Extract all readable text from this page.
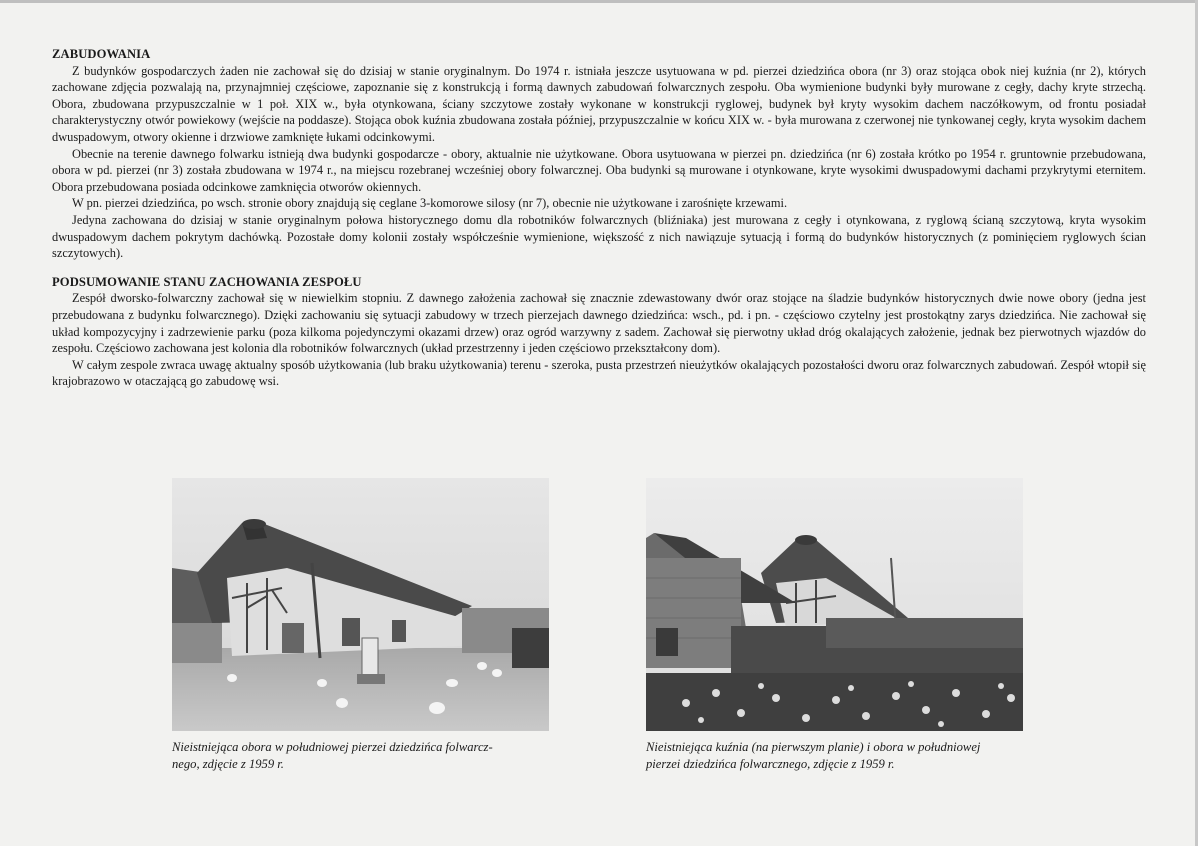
ZABUDOWANIA

Z budynków gospodarczych żaden nie zachował się do dzisiaj w stanie oryginalnym. Do 1974 r. istniała jeszcze usytuowana w pd. pierzei dziedzińca obora (nr 3) oraz stojąca obok niej kuźnia (nr 2), których zachowane zdjęcia pozwalają na, przynajmniej częściowe, zapoznanie się z konstrukcją i formą dawnych zabudowań folwarcznych zespołu. Oba wymienione budynki były murowane z cegły, dachy kryte strzechą. Obora, zbudowana przypuszczalnie w 1 poł. XIX w., była otynkowana, ściany szczytowe zostały wykonane w konstrukcji ryglowej, budynek był kryty wysokim dachem naczółkowym, od frontu posiadał charakterystyczny otwór powiekowy (wejście na poddasze). Stojąca obok kuźnia zbudowana została później, przypuszczalnie w końcu XIX w. - była murowana z czerwonej nie tynkowanej cegły, kryta wysokim dachem dwuspadowym, otwory okienne i drzwiowe zamknięte łukami odcinkowymi.

Obecnie na terenie dawnego folwarku istnieją dwa budynki gospodarcze - obory, aktualnie nie użytkowane. Obora usytuowana w pierzei pn. dziedzińca (nr 6) została krótko po 1954 r. gruntownie przebudowana, obora w pd. pierzei (nr 3) została zbudowana w 1974 r., na miejscu rozebranej wcześniej obory folwarcznej. Oba budynki są murowane i otynkowane, kryte wysokimi dwuspadowymi dachami przykrytymi eternitem. Obora przebudowana posiada odcinkowe zamknięcia otworów okiennych.

W pn. pierzei dziedzińca, po wsch. stronie obory znajdują się ceglane 3-komorowe silosy (nr 7), obecnie nie użytkowane i zarośnięte krzewami.

Jedyna zachowana do dzisiaj w stanie oryginalnym połowa historycznego domu dla robotników folwarcznych (bliźniaka) jest murowana z cegły i otynkowana, z ryglową ścianą szczytową, kryta wysokim dwuspadowym dachem pokrytym dachówką. Pozostałe domy kolonii zostały współcześnie wymienione, większość z nich nawiązuje sytuacją i formą do budynków historycznych (z pominięciem ryglowych ścian szczytowych).

PODSUMOWANIE STANU ZACHOWANIA ZESPOŁU

Zespół dworsko-folwarczny zachował się w niewielkim stopniu. Z dawnego założenia zachował się znacznie zdewastowany dwór oraz stojące na śladzie budynków historycznych dwie nowe obory (jedna jest przebudowana z budynku folwarcznego). Dzięki zachowaniu się sytuacji zabudowy w trzech pierzejach dawnego dziedzińca: wsch., pd. i pn. - częściowo czytelny jest prostokątny zarys dziedzińca. Nie zachował się układ kompozycyjny i zadrzewienie parku (poza kilkoma pojedynczymi okazami drzew) oraz ogród warzywny z sadem. Zachował się pierwotny układ dróg okalających założenie, jednak bez pierwotnych wjazdów do zespołu. Częściowo zachowana jest kolonia dla robotników folwarcznych (układ przestrzenny i jeden częściowo przekształcony dom).

W całym zespole zwraca uwagę aktualny sposób użytkowania (lub braku użytkowania) terenu - szeroka, pusta przestrzeń nieużytków okalających pozostałości dworu oraz folwarcznych zabudowań. Zespół wtopił się krajobrazowo w otaczającą go zabudowę wsi.

Nieistniejąca obora w południowej pierzei dziedzińca folwarcz-
nego, zdjęcie z 1959 r.
Nieistniejąca kuźnia (na pierwszym planie) i obora w południowej
pierzei dziedzińca folwarcznego, zdjęcie z 1959 r.
